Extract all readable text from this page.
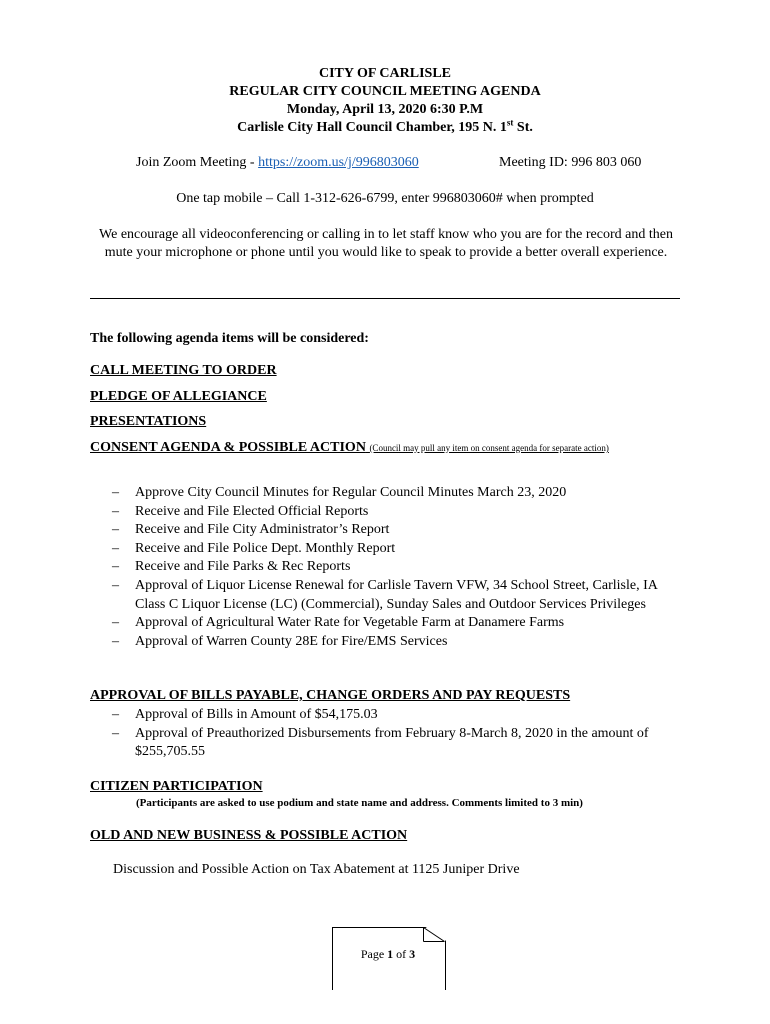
CITY OF CARLISLE
REGULAR CITY COUNCIL MEETING AGENDA
Monday, April 13, 2020 6:30 P.M
Carlisle City Hall Council Chamber, 195 N. 1st St.
Join Zoom Meeting - https://zoom.us/j/996803060	Meeting ID: 996 803 060
One tap mobile – Call 1-312-626-6799, enter 996803060# when prompted
We encourage all videoconferencing or calling in to let staff know who you are for the record and then mute your microphone or phone until you would like to speak to provide a better overall experience.
The following agenda items will be considered:
CALL MEETING TO ORDER
PLEDGE OF ALLEGIANCE
PRESENTATIONS
CONSENT AGENDA & POSSIBLE ACTION (Council may pull any item on consent agenda for separate action)
– Approve City Council Minutes for Regular Council Minutes March 23, 2020
– Receive and File Elected Official Reports
– Receive and File City Administrator’s Report
– Receive and File Police Dept. Monthly Report
– Receive and File Parks & Rec Reports
– Approval of Liquor License Renewal for Carlisle Tavern VFW, 34 School Street, Carlisle, IA Class C Liquor License (LC) (Commercial), Sunday Sales and Outdoor Services Privileges
– Approval of Agricultural Water Rate for Vegetable Farm at Danamere Farms
– Approval of Warren County 28E for Fire/EMS Services
APPROVAL OF BILLS PAYABLE, CHANGE ORDERS AND PAY REQUESTS
– Approval of Bills in Amount of $54,175.03
– Approval of Preauthorized Disbursements from February 8-March 8, 2020 in the amount of $255,705.55
CITIZEN PARTICIPATION
(Participants are asked to use podium and state name and address. Comments limited to 3 min)
OLD AND NEW BUSINESS & POSSIBLE ACTION
Discussion and Possible Action on Tax Abatement at 1125 Juniper Drive
Page 1 of 3
